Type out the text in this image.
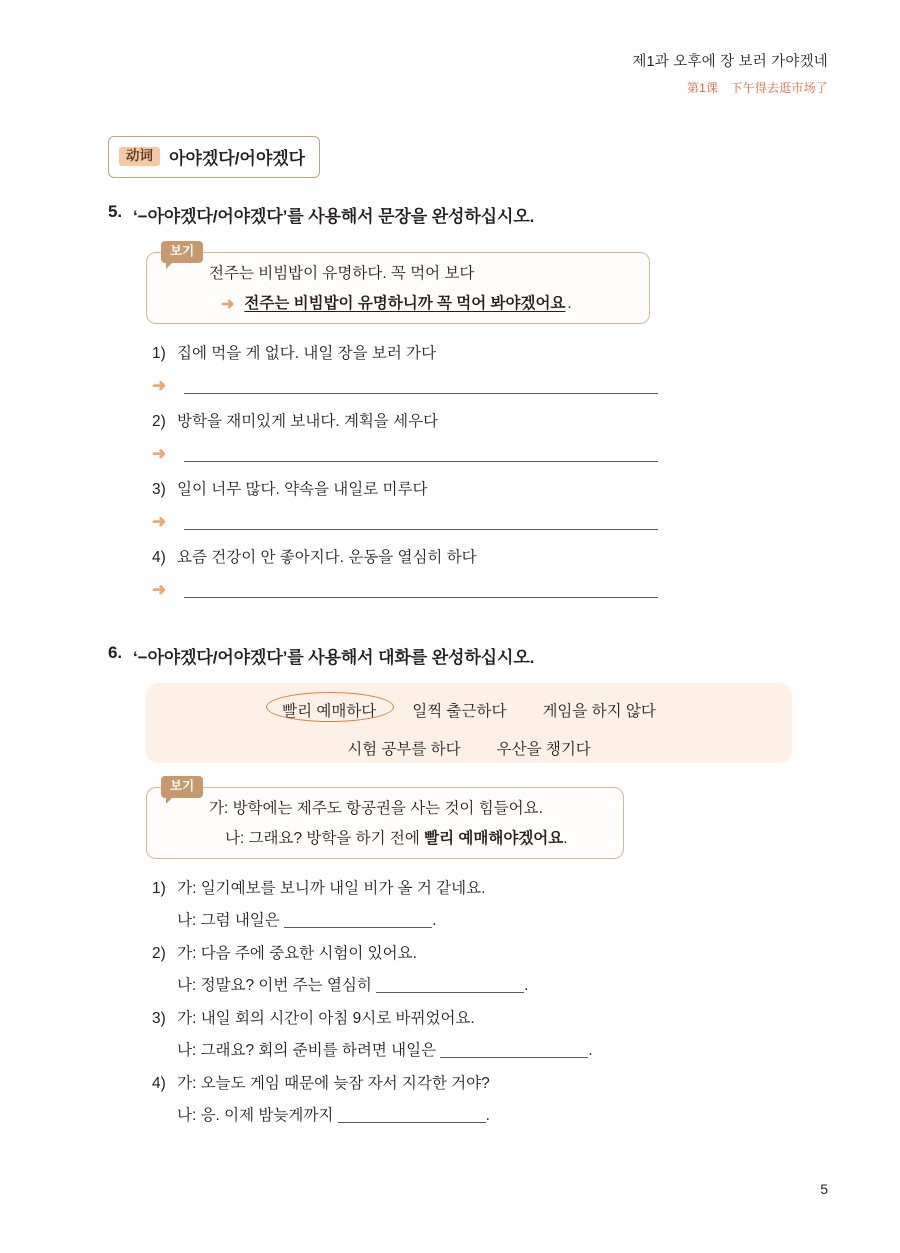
제1과 오후에 장 보러 가야겠네
第1课　下午得去逛市场了
动词 아야겠다/어야겠다
5. ‘−아야겠다/어야겠다’를 사용해서 문장을 완성하십시오.
보기
전주는 비빔밥이 유명하다. 꼭 먹어 보다
➜ 전주는 비빔밥이 유명하니까 꼭 먹어 봐야겠어요 .
1) 집에 먹을 게 없다. 내일 장을 보러 가다
➜
2) 방학을 재미있게 보내다. 계획을 세우다
➜
3) 일이 너무 많다. 약속을 내일로 미루다
➜
4) 요즘 건강이 안 좋아지다. 운동을 열심히 하다
➜
6. ‘−아야겠다/어야겠다’를 사용해서 대화를 완성하십시오.
빨리 예매하다	일찍 출근하다	게임을 하지 않다
시험 공부를 하다	우산을 챙기다
보기
가: 방학에는 제주도 항공권을 사는 것이 힘들어요.
나: 그래요? 방학을 하기 전에 빨리 예매해야겠어요.
1) 가: 일기예보를 보니까 내일 비가 올 거 같네요.
나: 그럼 내일은	.
2) 가: 다음 주에 중요한 시험이 있어요.
나: 정말요? 이번 주는 열심히	.
3) 가: 내일 회의 시간이 아침 9시로 바뀌었어요.
나: 그래요? 회의 준비를 하려면 내일은	.
4) 가: 오늘도 게임 때문에 늦잠 자서 지각한 거야?
나: 응. 이제 밤늦게까지	.
5
